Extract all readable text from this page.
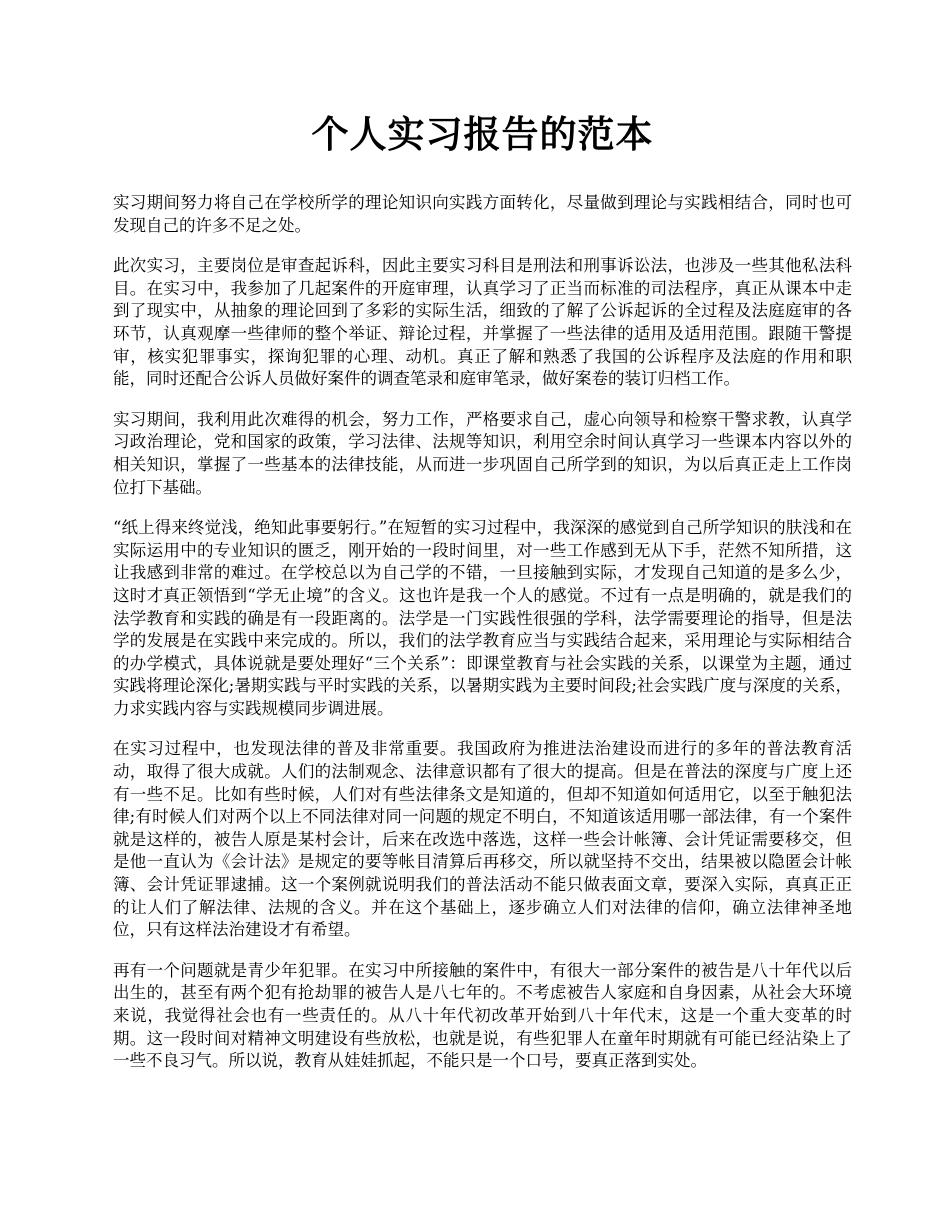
个人实习报告的范本

实习期间努力将自己在学校所学的理论知识向实践方面转化，尽量做到理论与实践相结合，同时也可发现自己的许多不足之处。

此次实习，主要岗位是审查起诉科，因此主要实习科目是刑法和刑事诉讼法，也涉及一些其他私法科目。在实习中，我参加了几起案件的开庭审理，认真学习了正当而标准的司法程序，真正从课本中走到了现实中，从抽象的理论回到了多彩的实际生活，细致的了解了公诉起诉的全过程及法庭庭审的各环节，认真观摩一些律师的整个举证、辩论过程，并掌握了一些法律的适用及适用范围。跟随干警提审，核实犯罪事实，探询犯罪的心理、动机。真正了解和熟悉了我国的公诉程序及法庭的作用和职能，同时还配合公诉人员做好案件的调查笔录和庭审笔录，做好案卷的装订归档工作。

实习期间，我利用此次难得的机会，努力工作，严格要求自己，虚心向领导和检察干警求教，认真学习政治理论，党和国家的政策，学习法律、法规等知识，利用空余时间认真学习一些课本内容以外的相关知识，掌握了一些基本的法律技能，从而进一步巩固自己所学到的知识，为以后真正走上工作岗位打下基础。

“纸上得来终觉浅，绝知此事要躬行。”在短暂的实习过程中，我深深的感觉到自己所学知识的肤浅和在实际运用中的专业知识的匮乏，刚开始的一段时间里，对一些工作感到无从下手，茫然不知所措，这让我感到非常的难过。在学校总以为自己学的不错，一旦接触到实际，才发现自己知道的是多么少，这时才真正领悟到“学无止境”的含义。这也许是我一个人的感觉。不过有一点是明确的，就是我们的法学教育和实践的确是有一段距离的。法学是一门实践性很强的学科，法学需要理论的指导，但是法学的发展是在实践中来完成的。所以，我们的法学教育应当与实践结合起来，采用理论与实际相结合的办学模式，具体说就是要处理好“三个关系”：即课堂教育与社会实践的关系，以课堂为主题，通过实践将理论深化;暑期实践与平时实践的关系，以暑期实践为主要时间段;社会实践广度与深度的关系，力求实践内容与实践规模同步调进展。

在实习过程中，也发现法律的普及非常重要。我国政府为推进法治建设而进行的多年的普法教育活动，取得了很大成就。人们的法制观念、法律意识都有了很大的提高。但是在普法的深度与广度上还有一些不足。比如有些时候，人们对有些法律条文是知道的，但却不知道如何适用它，以至于触犯法律;有时候人们对两个以上不同法律对同一问题的规定不明白，不知道该适用哪一部法律，有一个案件就是这样的，被告人原是某村会计，后来在改选中落选，这样一些会计帐簿、会计凭证需要移交，但是他一直认为《会计法》是规定的要等帐目清算后再移交，所以就坚持不交出，结果被以隐匿会计帐簿、会计凭证罪逮捕。这一个案例就说明我们的普法活动不能只做表面文章，要深入实际，真真正正的让人们了解法律、法规的含义。并在这个基础上，逐步确立人们对法律的信仰，确立法律神圣地位，只有这样法治建设才有希望。

再有一个问题就是青少年犯罪。在实习中所接触的案件中，有很大一部分案件的被告是八十年代以后出生的，甚至有两个犯有抢劫罪的被告人是八七年的。不考虑被告人家庭和自身因素，从社会大环境来说，我觉得社会也有一些责任的。从八十年代初改革开始到八十年代末，这是一个重大变革的时期。这一段时间对精神文明建设有些放松，也就是说，有些犯罪人在童年时期就有可能已经沾染上了一些不良习气。所以说，教育从娃娃抓起，不能只是一个口号，要真正落到实处。
